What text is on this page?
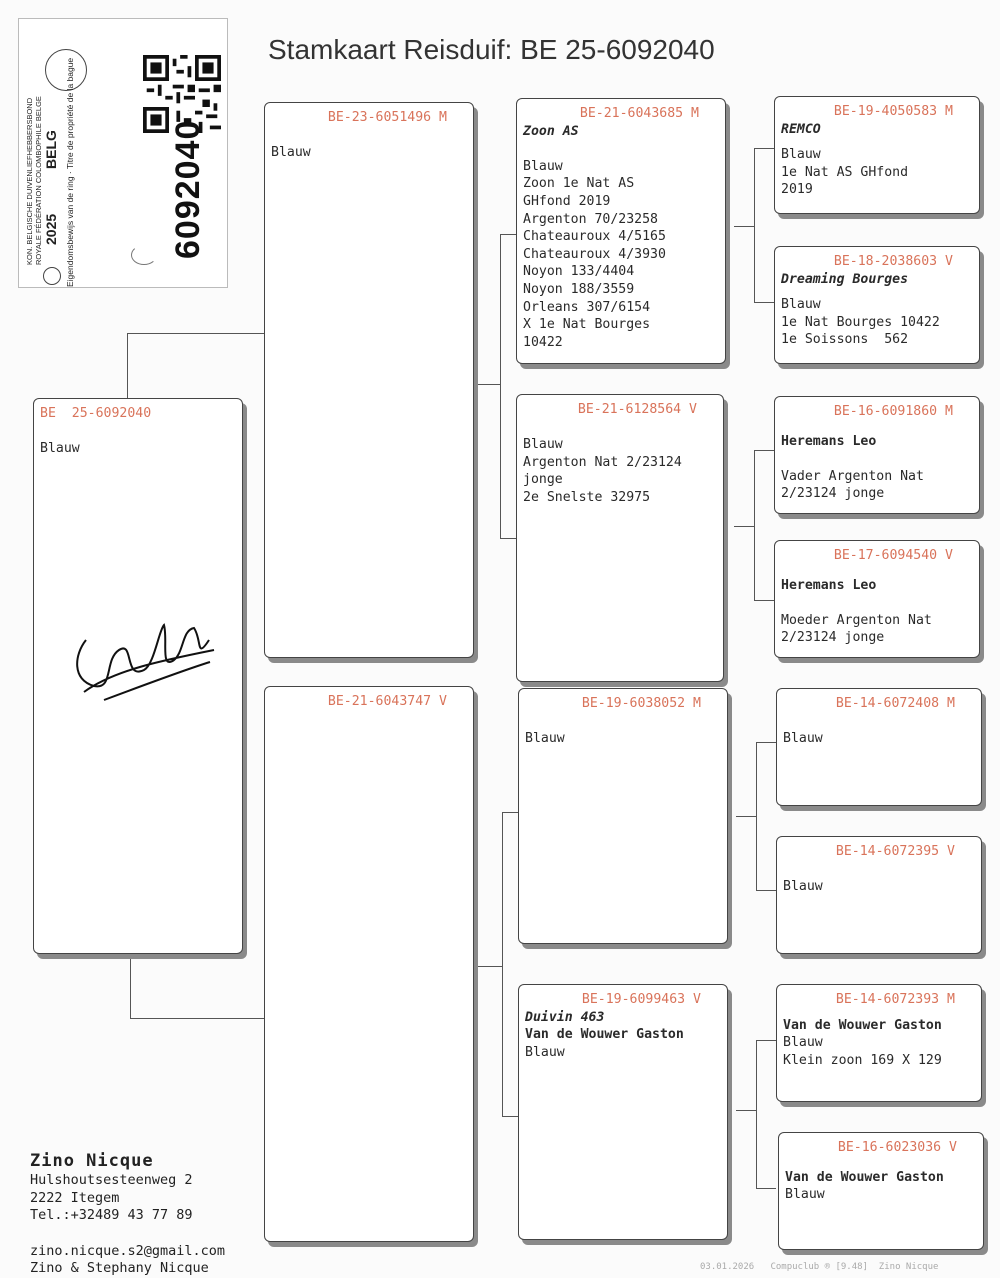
Stamkaart Reisduif: BE 25-6092040
KON. BELGISCHE DUIVENLIEFHEBBERSBOND ROYALE FÉDÉRATION COLOMBOPHILE BELGE 2025
BELG Eigendomsbewijs van de ring · Titre de propriété de la bague	6092040
BE  25-6092040
Blauw
BE-23-6051496 M
Blauw
BE-21-6043747 V
BE-21-6043685 M
Zoon AS
Blauw
Zoon 1e Nat AS
GHfond 2019
Argenton 70/23258
Chateauroux 4/5165
Chateauroux 4/3930
Noyon 133/4404
Noyon 188/3559
Orleans 307/6154
X 1e Nat Bourges
10422
BE-21-6128564 V
Blauw
Argenton Nat 2/23124
jonge
2e Snelste 32975
BE-19-6038052 M
Blauw
BE-19-6099463 V
Duivin 463
Van de Wouwer Gaston
Blauw
BE-19-4050583 M
REMCO
Blauw
1e Nat AS GHfond
2019
BE-18-2038603 V
Dreaming Bourges
Blauw
1e Nat Bourges 10422
1e Soissons  562
BE-16-6091860 M
Heremans Leo
Vader Argenton Nat
2/23124 jonge
BE-17-6094540 V
Heremans Leo
Moeder Argenton Nat
2/23124 jonge
BE-14-6072408 M
Blauw
BE-14-6072395 V
Blauw
BE-14-6072393 M
Van de Wouwer Gaston
Blauw
Klein zoon 169 X 129
BE-16-6023036 V
Van de Wouwer Gaston
Blauw
Zino Nicque
Hulshoutsesteenweg 2
2222 Itegem
Tel.:+32489 43 77 89
zino.nicque.s2@gmail.com
Zino & Stephany Nicque	03.01.2026   Compuclub ® [9.48]  Zino Nicque
